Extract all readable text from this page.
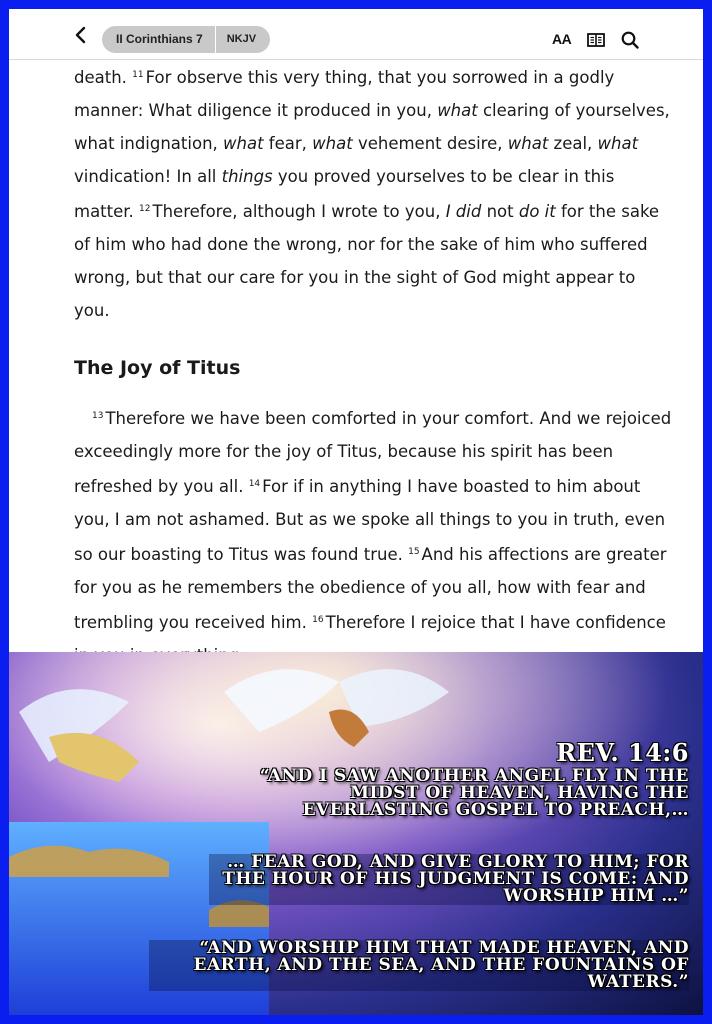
II Corinthians 7	NKJV	AA

death. $^{11}$ For observe this very thing, that you sorrowed in a godly manner: What diligence it produced in you, what clearing of yourselves, what indignation, what fear, what vehement desire, what zeal, what vindication! In all things you proved yourselves to be clear in this matter. $^{12}$ Therefore, although I wrote to you, I did not do it for the sake of him who had done the wrong, nor for the sake of him who suffered wrong, but that our care for you in the sight of God might appear to you.

The Joy of Titus

$^{13}$ Therefore we have been comforted in your comfort. And we rejoiced exceedingly more for the joy of Titus, because his spirit has been refreshed by you all. $^{14}$ For if in anything I have boasted to him about you, I am not ashamed. But as we spoke all things to you in truth, even so our boasting to Titus was found true. $^{15}$ And his affections are greater for you as he remembers the obedience of you all, how with fear and trembling you received him. $^{16}$ Therefore I rejoice that I have confidence

REV. 14:6
“AND I SAW ANOTHER ANGEL FLY IN THE MIDST OF HEAVEN, HAVING THE EVERLASTING GOSPEL TO PREACH,…
… FEAR GOD, AND GIVE GLORY TO HIM; FOR THE HOUR OF HIS JUDGMENT IS COME: AND WORSHIP HIM …”
“AND WORSHIP HIM THAT MADE HEAVEN, AND EARTH, AND THE SEA, AND THE FOUNTAINS OF WATERS.”
